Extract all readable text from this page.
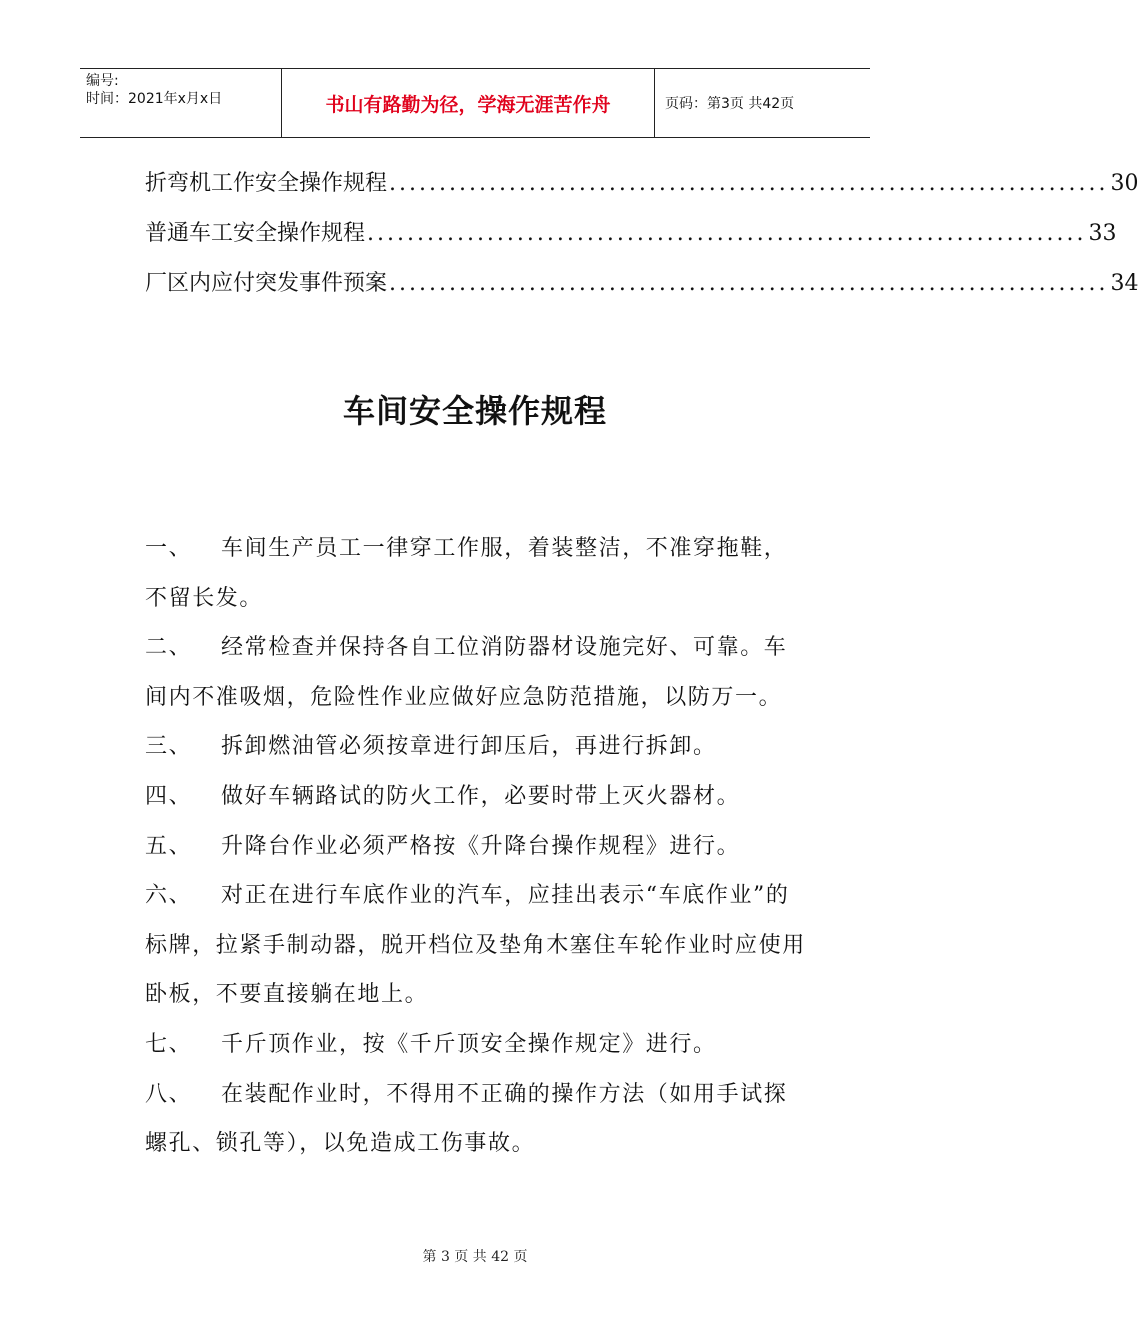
编号:
时间：2021年x月x日	书山有路勤为径，学海无涯苦作舟	页码：第3页 共42页
折弯机工作安全操作规程 ........................................................................ 30
普通车工安全操作规程 ........................................................................ 33
厂区内应付突发事件预案 ........................................................................ 34
车间安全操作规程

一、 车间生产员工一律穿工作服，着装整洁，不准穿拖鞋，不留长发。

二、 经常检查并保持各自工位消防器材设施完好、可靠。车间内不准吸烟，危险性作业应做好应急防范措施，以防万一。

三、 拆卸燃油管必须按章进行卸压后，再进行拆卸。

四、 做好车辆路试的防火工作，必要时带上灭火器材。

五、 升降台作业必须严格按《升降台操作规程》进行。

六、 对正在进行车底作业的汽车，应挂出表示“车底作业”的标牌，拉紧手制动器，脱开档位及垫角木塞住车轮作业时应使用卧板，不要直接躺在地上。

七、 千斤顶作业，按《千斤顶安全操作规定》进行。

八、 在装配作业时，不得用不正确的操作方法（如用手试探螺孔、锁孔等），以免造成工伤事故。

第 3 页 共 42 页
